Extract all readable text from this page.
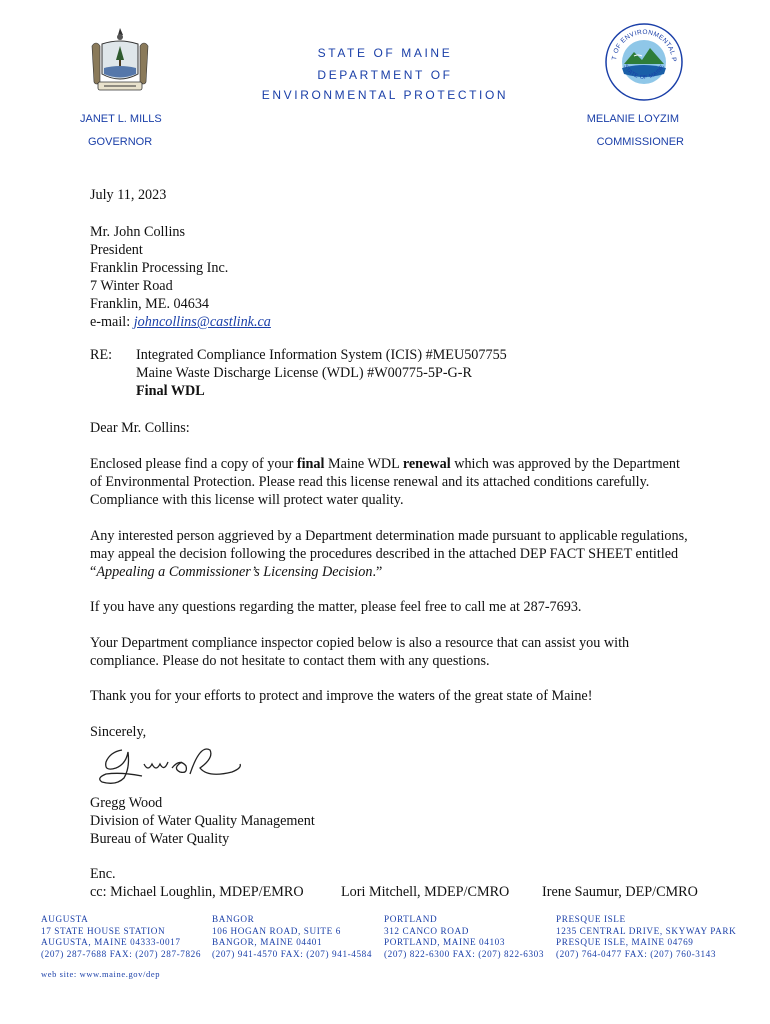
STATE OF MAINE
DEPARTMENT OF
ENVIRONMENTAL PROTECTION
T OF ENVIRONMENTAL P
STATE OF MAINE
JANET L. MILLS
GOVERNOR
MELANIE LOYZIM
COMMISSIONER
July 11, 2023
Mr. John Collins
President
Franklin Processing Inc.
7 Winter Road
Franklin, ME. 04634
e-mail: johncollins@castlink.ca
RE: Integrated Compliance Information System (ICIS) #MEU507755
Maine Waste Discharge License (WDL) #W00775-5P-G-R
Final WDL
Dear Mr. Collins:
Enclosed please find a copy of your final Maine WDL renewal which was approved by the Department of Environmental Protection. Please read this license renewal and its attached conditions carefully. Compliance with this license will protect water quality.
Any interested person aggrieved by a Department determination made pursuant to applicable regulations, may appeal the decision following the procedures described in the attached DEP FACT SHEET entitled “Appealing a Commissioner’s Licensing Decision.”
If you have any questions regarding the matter, please feel free to call me at 287-7693.
Your Department compliance inspector copied below is also a resource that can assist you with compliance. Please do not hesitate to contact them with any questions.
Thank you for your efforts to protect and improve the waters of the great state of Maine!
Sincerely,
Gregg Wood
Division of Water Quality Management
Bureau of Water Quality
Enc.
cc: Michael Loughlin, MDEP/EMRO	Lori Mitchell, MDEP/CMRO Irene Saumur, DEP/CMRO
AUGUSTA
17 STATE HOUSE STATION
AUGUSTA, MAINE 04333-0017
(207) 287-7688 FAX: (207) 287-7826
BANGOR
106 HOGAN ROAD, SUITE 6
BANGOR, MAINE 04401
(207) 941-4570 FAX: (207) 941-4584
PORTLAND
312 CANCO ROAD
PORTLAND, MAINE 04103
(207) 822-6300 FAX: (207) 822-6303
PRESQUE ISLE
1235 CENTRAL DRIVE, SKYWAY PARK
PRESQUE ISLE, MAINE 04769
(207) 764-0477 FAX: (207) 760-3143
web site: www.maine.gov/dep
